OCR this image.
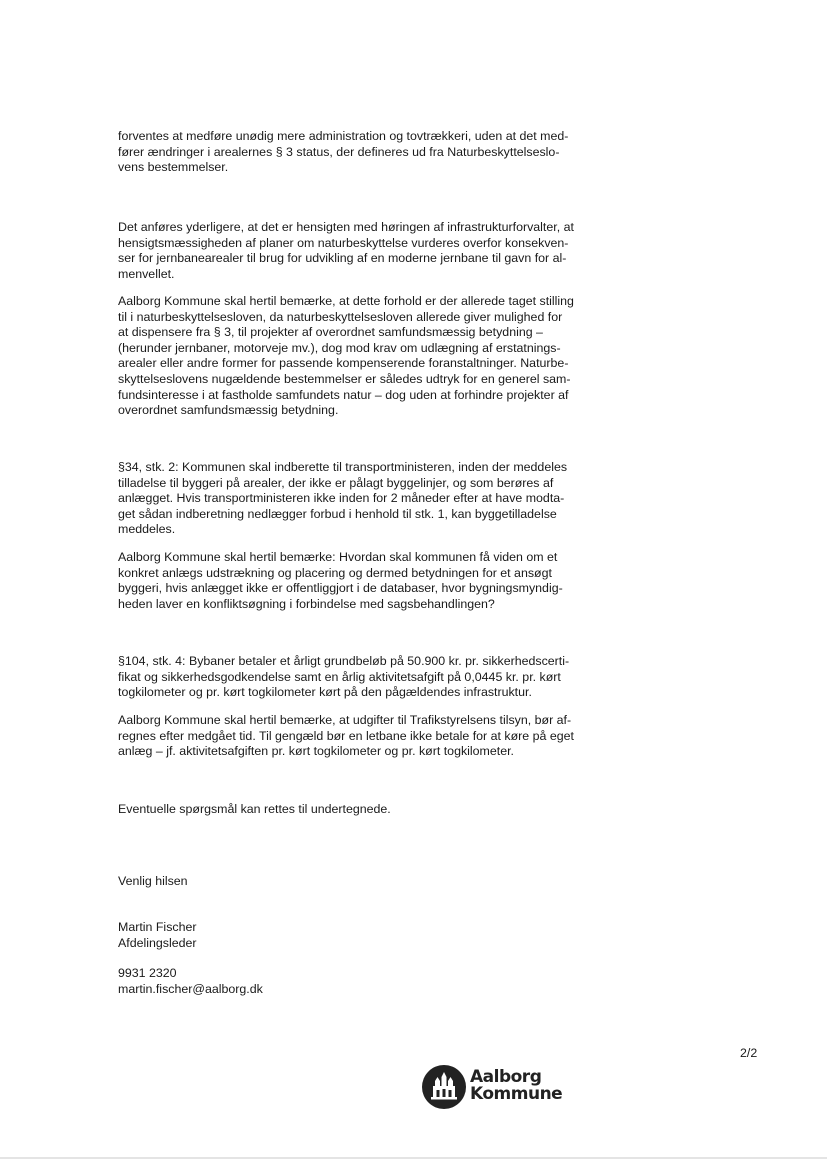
forventes at medføre unødig mere administration og tovtrækkeri, uden at det med-
fører ændringer i arealernes § 3 status, der defineres ud fra Naturbeskyttelseslo-
vens bestemmelser.

Det anføres yderligere, at det er hensigten med høringen af infrastrukturforvalter, at
hensigtsmæssigheden af planer om naturbeskyttelse vurderes overfor konsekven-
ser for jernbanearealer til brug for udvikling af en moderne jernbane til gavn for al-
menvellet.

Aalborg Kommune skal hertil bemærke, at dette forhold er der allerede taget stilling
til i naturbeskyttelsesloven, da naturbeskyttelsesloven allerede giver mulighed for
at dispensere fra § 3, til projekter af overordnet samfundsmæssig betydning –
(herunder jernbaner, motorveje mv.), dog mod krav om udlægning af erstatnings-
arealer eller andre former for passende kompenserende foranstaltninger. Naturbe-
skyttelseslovens nugældende bestemmelser er således udtryk for en generel sam-
fundsinteresse i at fastholde samfundets natur – dog uden at forhindre projekter af
overordnet samfundsmæssig betydning.

§34, stk. 2: Kommunen skal indberette til transportministeren, inden der meddeles
tilladelse til byggeri på arealer, der ikke er pålagt byggelinjer, og som berøres af
anlægget. Hvis transportministeren ikke inden for 2 måneder efter at have modta-
get sådan indberetning nedlægger forbud i henhold til stk. 1, kan byggetilladelse
meddeles.

Aalborg Kommune skal hertil bemærke: Hvordan skal kommunen få viden om et
konkret anlægs udstrækning og placering og dermed betydningen for et ansøgt
byggeri, hvis anlægget ikke er offentliggjort i de databaser, hvor bygningsmyndig-
heden laver en konfliktsøgning i forbindelse med sagsbehandlingen?

§104, stk. 4: Bybaner betaler et årligt grundbeløb på 50.900 kr. pr. sikkerhedscerti-
fikat og sikkerhedsgodkendelse samt en årlig aktivitetsafgift på 0,0445 kr. pr. kørt
togkilometer og pr. kørt togkilometer kørt på den pågældendes infrastruktur.

Aalborg Kommune skal hertil bemærke, at udgifter til Trafikstyrelsens tilsyn, bør af-
regnes efter medgået tid. Til gengæld bør en letbane ikke betale for at køre på eget
anlæg – jf. aktivitetsafgiften pr. kørt togkilometer og pr. kørt togkilometer.

Eventuelle spørgsmål kan rettes til undertegnede.

Venlig hilsen

Martin Fischer
Afdelingsleder

9931 2320
martin.fischer@aalborg.dk

2/2
Aalborg
Kommune
